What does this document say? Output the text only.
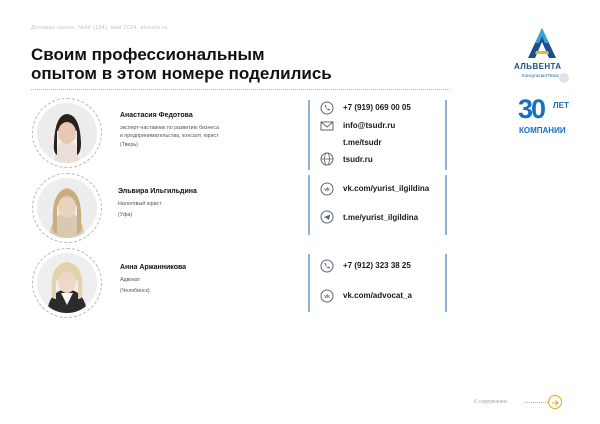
Деловая газета. №44 (134), май 2024. alventa.ru
Своим профессиональным
опытом в этом номере поделились
Анастасия Федотова
эксперт-наставник по развитию бизнеса
и предпринимательства, консалт, юрист
(Тверь)
Эльвира Ильгильдина
Налоговый юрист
(Уфа)
Анна Аржанникова
Адвокат
(Челябинск)
+7 (919) 069 00 05
info@tsudr.ru
t.me/tsudr
tsudr.ru
vk vk.com/yurist_ilgildina
t.me/yurist_ilgildina
+7 (912) 323 38 25
vk vk.com/advocat_a
АЛЬВЕНТА
КонсультантПлюс
30 ЛЕТ
КОМПАНИИ
К содержанию
